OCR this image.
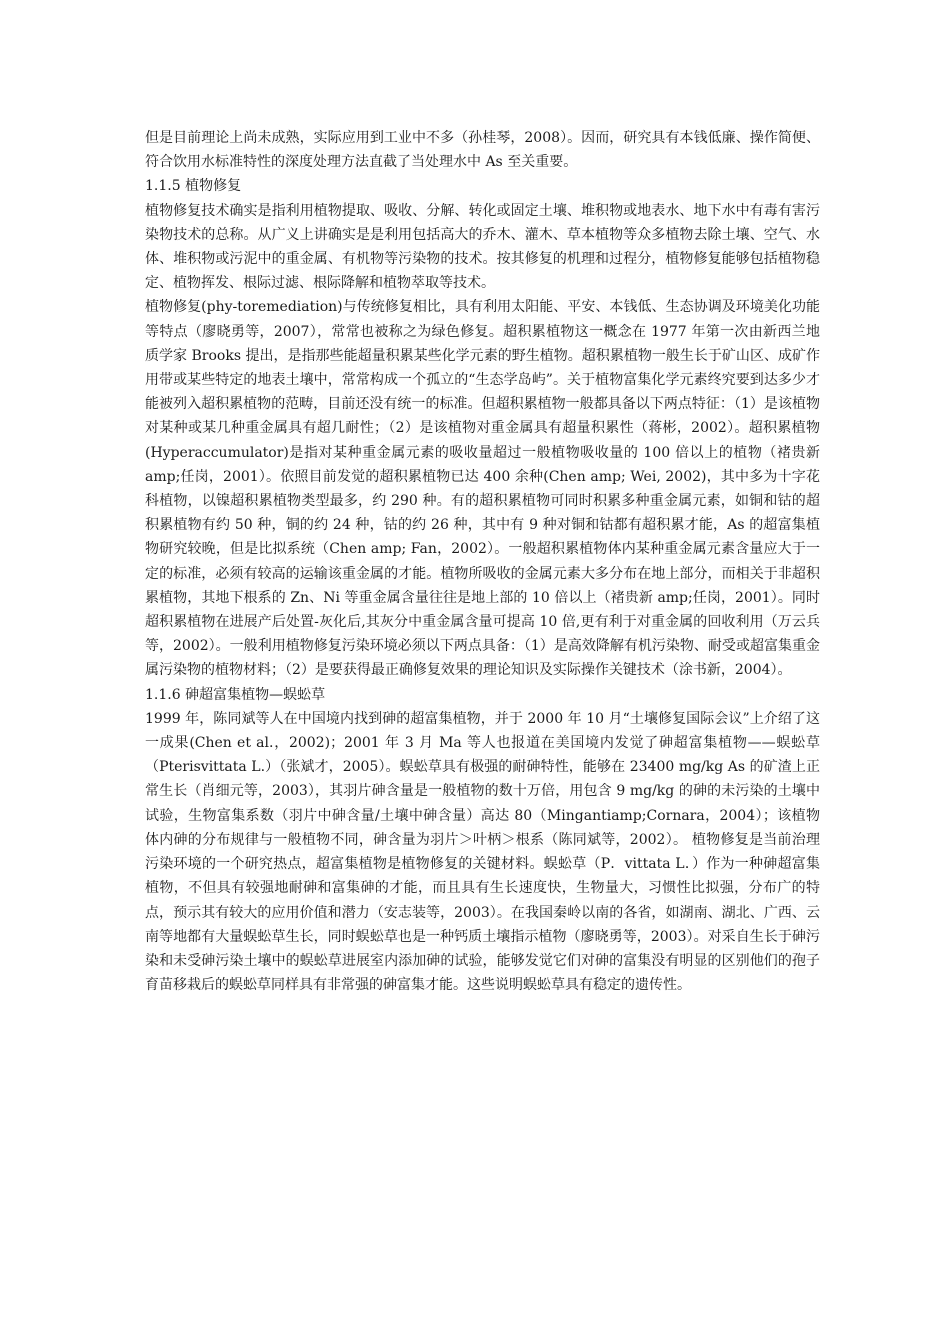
但是目前理论上尚未成熟，实际应用到工业中不多（孙桂琴，2008）。因而，研究具有本钱低廉、操作简便、符合饮用水标准特性的深度处理方法直截了当处理水中 As 至关重要。

1.1.5 植物修复

植物修复技术确实是指利用植物提取、吸收、分解、转化或固定土壤、堆积物或地表水、地下水中有毒有害污染物技术的总称。从广义上讲确实是是利用包括高大的乔木、灌木、草本植物等众多植物去除土壤、空气、水体、堆积物或污泥中的重金属、有机物等污染物的技术。按其修复的机理和过程分，植物修复能够包括植物稳定、植物挥发、根际过滤、根际降解和植物萃取等技术。

植物修复(phy-toremediation)与传统修复相比，具有利用太阳能、平安、本钱低、生态协调及环境美化功能等特点（廖晓勇等，2007），常常也被称之为绿色修复。超积累植物这一概念在 1977 年第一次由新西兰地质学家 Brooks 提出，是指那些能超量积累某些化学元素的野生植物。超积累植物一般生长于矿山区、成矿作用带或某些特定的地表土壤中，常常构成一个孤立的“生态学岛屿”。关于植物富集化学元素终究要到达多少才能被列入超积累植物的范畴，目前还没有统一的标准。但超积累植物一般都具备以下两点特征：（1）是该植物对某种或某几种重金属具有超几耐性；（2）是该植物对重金属具有超量积累性（蒋彬，2002）。超积累植物(Hyperaccumulator)是指对某种重金属元素的吸收量超过一般植物吸收量的 100 倍以上的植物（褚贵新 amp;任岗，2001）。依照目前发觉的超积累植物已达 400 余种(Chen amp; Wei, 2002)，其中多为十字花科植物，以镍超积累植物类型最多，约 290 种。有的超积累植物可同时积累多种重金属元素，如铜和钴的超积累植物有约 50 种，铜的约 24 种，钴的约 26 种，其中有 9 种对铜和钴都有超积累才能，As 的超富集植物研究较晚，但是比拟系统（Chen amp; Fan，2002）。一般超积累植物体内某种重金属元素含量应大于一定的标准，必须有较高的运输该重金属的才能。植物所吸收的金属元素大多分布在地上部分，而相关于非超积累植物，其地下根系的 Zn、Ni 等重金属含量往往是地上部的 10 倍以上（褚贵新 amp;任岗，2001）。同时超积累植物在进展产后处置-灰化后,其灰分中重金属含量可提高 10 倍,更有利于对重金属的回收利用（万云兵等，2002）。一般利用植物修复污染环境必须以下两点具备：（1）是高效降解有机污染物、耐受或超富集重金属污染物的植物材料；（2）是要获得最正确修复效果的理论知识及实际操作关键技术（涂书新，2004）。

1.1.6 砷超富集植物—蜈蚣草

1999 年，陈同斌等人在中国境内找到砷的超富集植物，并于 2000 年 10 月“土壤修复国际会议”上介绍了这一成果(Chen et al.，2002)；2001 年 3 月 Ma 等人也报道在美国境内发觉了砷超富集植物——蜈蚣草（Pterisvittata L.）（张斌才，2005）。蜈蚣草具有极强的耐砷特性，能够在 23400 mg/kg As 的矿渣上正常生长（肖细元等，2003），其羽片砷含量是一般植物的数十万倍，用包含 9 mg/kg 的砷的未污染的土壤中试验，生物富集系数（羽片中砷含量/土壤中砷含量）高达 80（Mingantiamp;Cornara，2004）；该植物体内砷的分布规律与一般植物不同，砷含量为羽片＞叶柄＞根系（陈同斌等，2002）。 植物修复是当前治理污染环境的一个研究热点，超富集植物是植物修复的关键材料。蜈蚣草（P．vittata L．）作为一种砷超富集植物，不但具有较强地耐砷和富集砷的才能，而且具有生长速度快，生物量大，习惯性比拟强，分布广的特点，预示其有较大的应用价值和潜力（安志装等，2003）。在我国秦岭以南的各省，如湖南、湖北、广西、云南等地都有大量蜈蚣草生长，同时蜈蚣草也是一种钙质土壤指示植物（廖晓勇等，2003）。对采自生长于砷污染和未受砷污染土壤中的蜈蚣草进展室内添加砷的试验，能够发觉它们对砷的富集没有明显的区别他们的孢子育苗移栽后的蜈蚣草同样具有非常强的砷富集才能。这些说明蜈蚣草具有稳定的遗传性。
